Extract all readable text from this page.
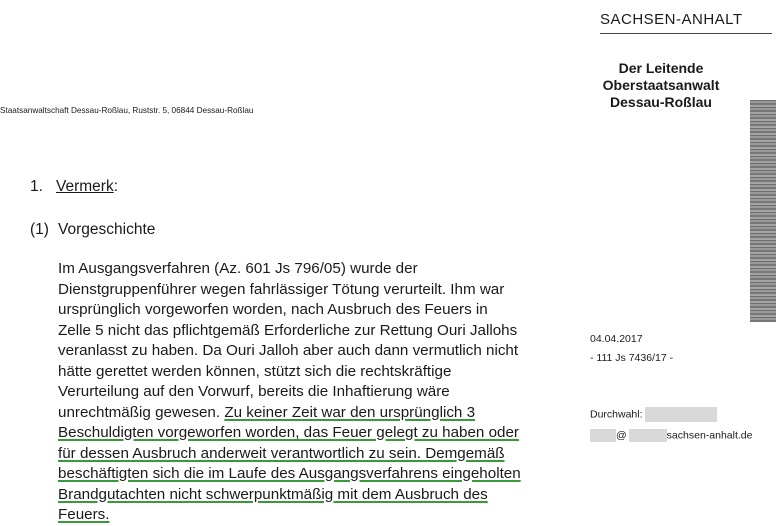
SACHSEN-ANHALT
Der Leitende
Oberstaatsanwalt
Dessau-Roßlau
Staatsanwaltschaft Dessau-Roßlau, Ruststr. 5, 06844 Dessau-Roßlau
1. Vermerk:
(1) Vorgeschichte
Im Ausgangsverfahren (Az. 601 Js 796/05) wurde der
Dienstgruppenführer wegen fahrlässiger Tötung verurteilt. Ihm war
ursprünglich vorgeworfen worden, nach Ausbruch des Feuers in
Zelle 5 nicht das pflichtgemäß Erforderliche zur Rettung Ouri Jallohs
veranlasst zu haben. Da Ouri Jalloh aber auch dann vermutlich nicht
hätte gerettet werden können, stützt sich die rechtskräftige
Verurteilung auf den Vorwurf, bereits die Inhaftierung wäre
unrechtmäßig gewesen. Zu keiner Zeit war den ursprünglich 3
Beschuldigten vorgeworfen worden, das Feuer gelegt zu haben oder
für dessen Ausbruch anderweit verantwortlich zu sein. Demgemäß
beschäftigten sich die im Laufe des Ausgangsverfahrens eingeholten
Brandgutachten nicht schwerpunktmäßig mit dem Ausbruch des
Feuers.
04.04.2017
- 111 Js 7436/17 -
Durchwahl:
@	sachsen-anhalt.de
